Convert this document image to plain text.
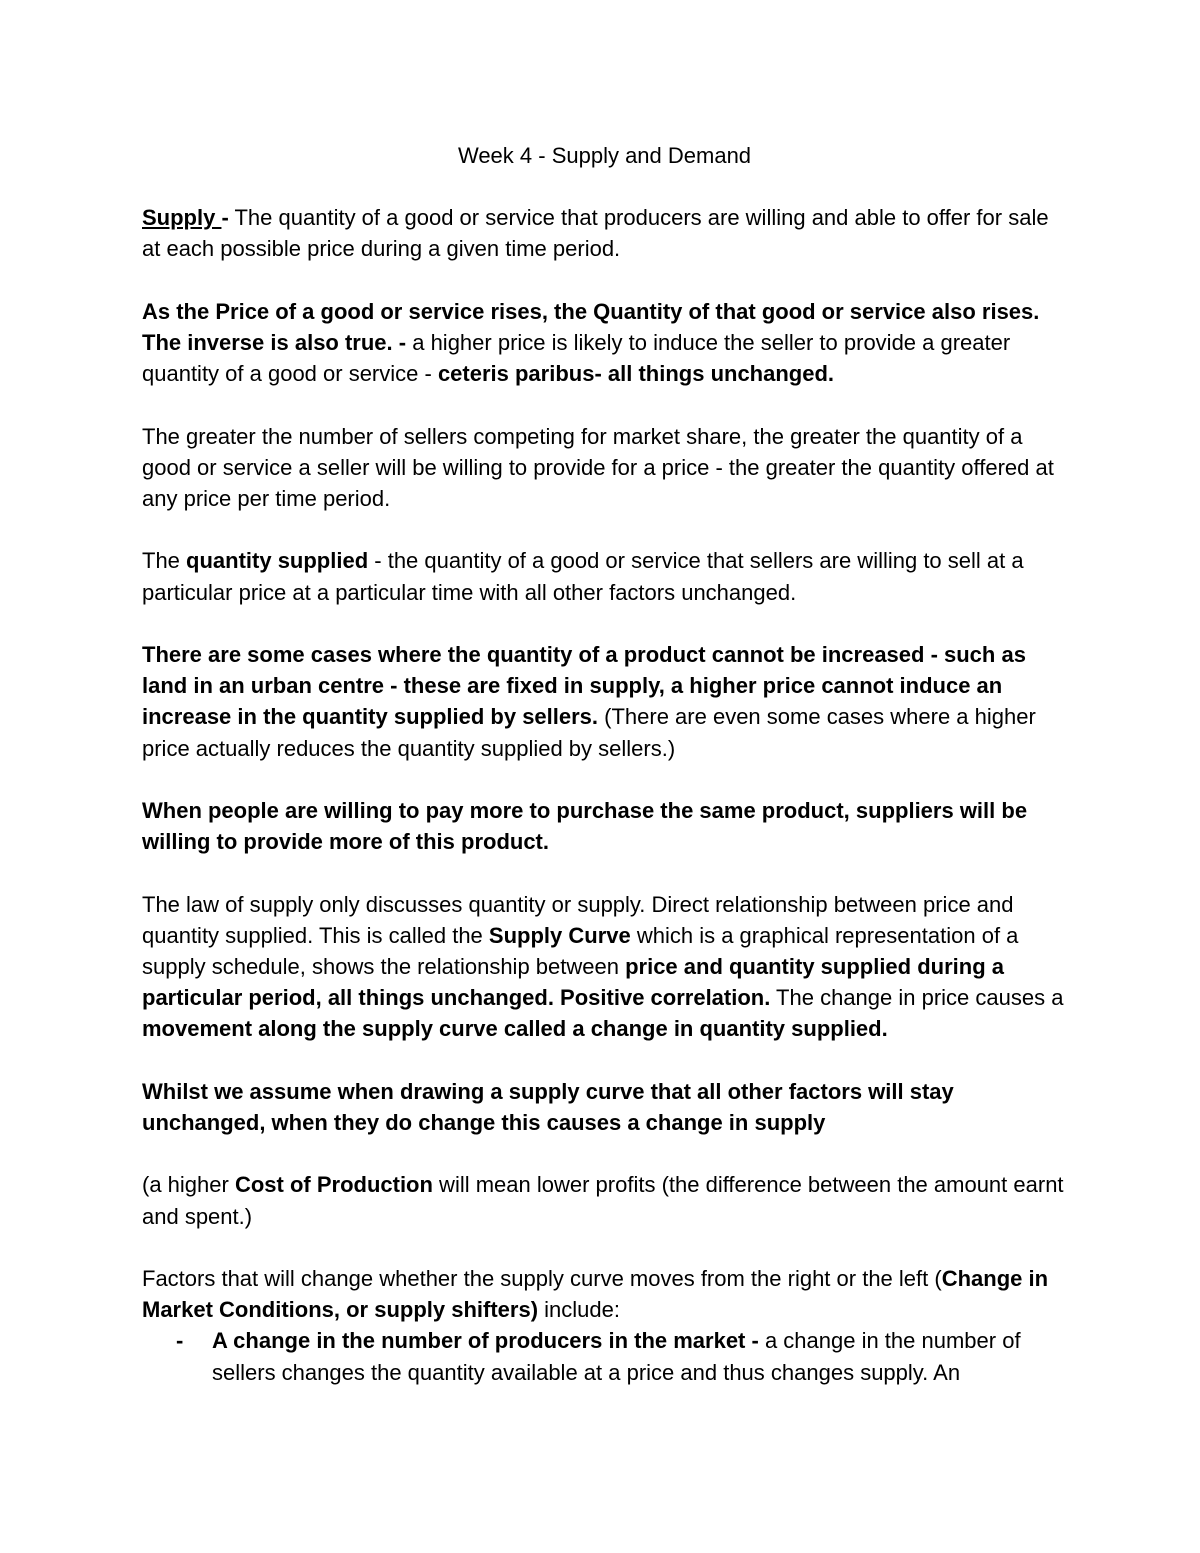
Week 4 - Supply and Demand

Supply - The quantity of a good or service that producers are willing and able to offer for sale at each possible price during a given time period.

As the Price of a good or service rises, the Quantity of that good or service also rises. The inverse is also true. - a higher price is likely to induce the seller to provide a greater quantity of a good or service - ceteris paribus- all things unchanged.

The greater the number of sellers competing for market share, the greater the quantity of a good or service a seller will be willing to provide for a price - the greater the quantity offered at any price per time period.

The quantity supplied - the quantity of a good or service that sellers are willing to sell at a particular price at a particular time with all other factors unchanged.

There are some cases where the quantity of a product cannot be increased - such as land in an urban centre - these are fixed in supply, a higher price cannot induce an increase in the quantity supplied by sellers. (There are even some cases where a higher price actually reduces the quantity supplied by sellers.)

When people are willing to pay more to purchase the same product, suppliers will be willing to provide more of this product.

The law of supply only discusses quantity or supply. Direct relationship between price and quantity supplied. This is called the Supply Curve which is a graphical representation of a supply schedule, shows the relationship between price and quantity supplied during a particular period, all things unchanged. Positive correlation. The change in price causes a movement along the supply curve called a change in quantity supplied.

Whilst we assume when drawing a supply curve that all other factors will stay unchanged, when they do change this causes a change in supply

(a higher Cost of Production will mean lower profits (the difference between the amount earnt and spent.)

Factors that will change whether the supply curve moves from the right or the left (Change in Market Conditions, or supply shifters) include:

- A change in the number of producers in the market - a change in the number of sellers changes the quantity available at a price and thus changes supply. An
